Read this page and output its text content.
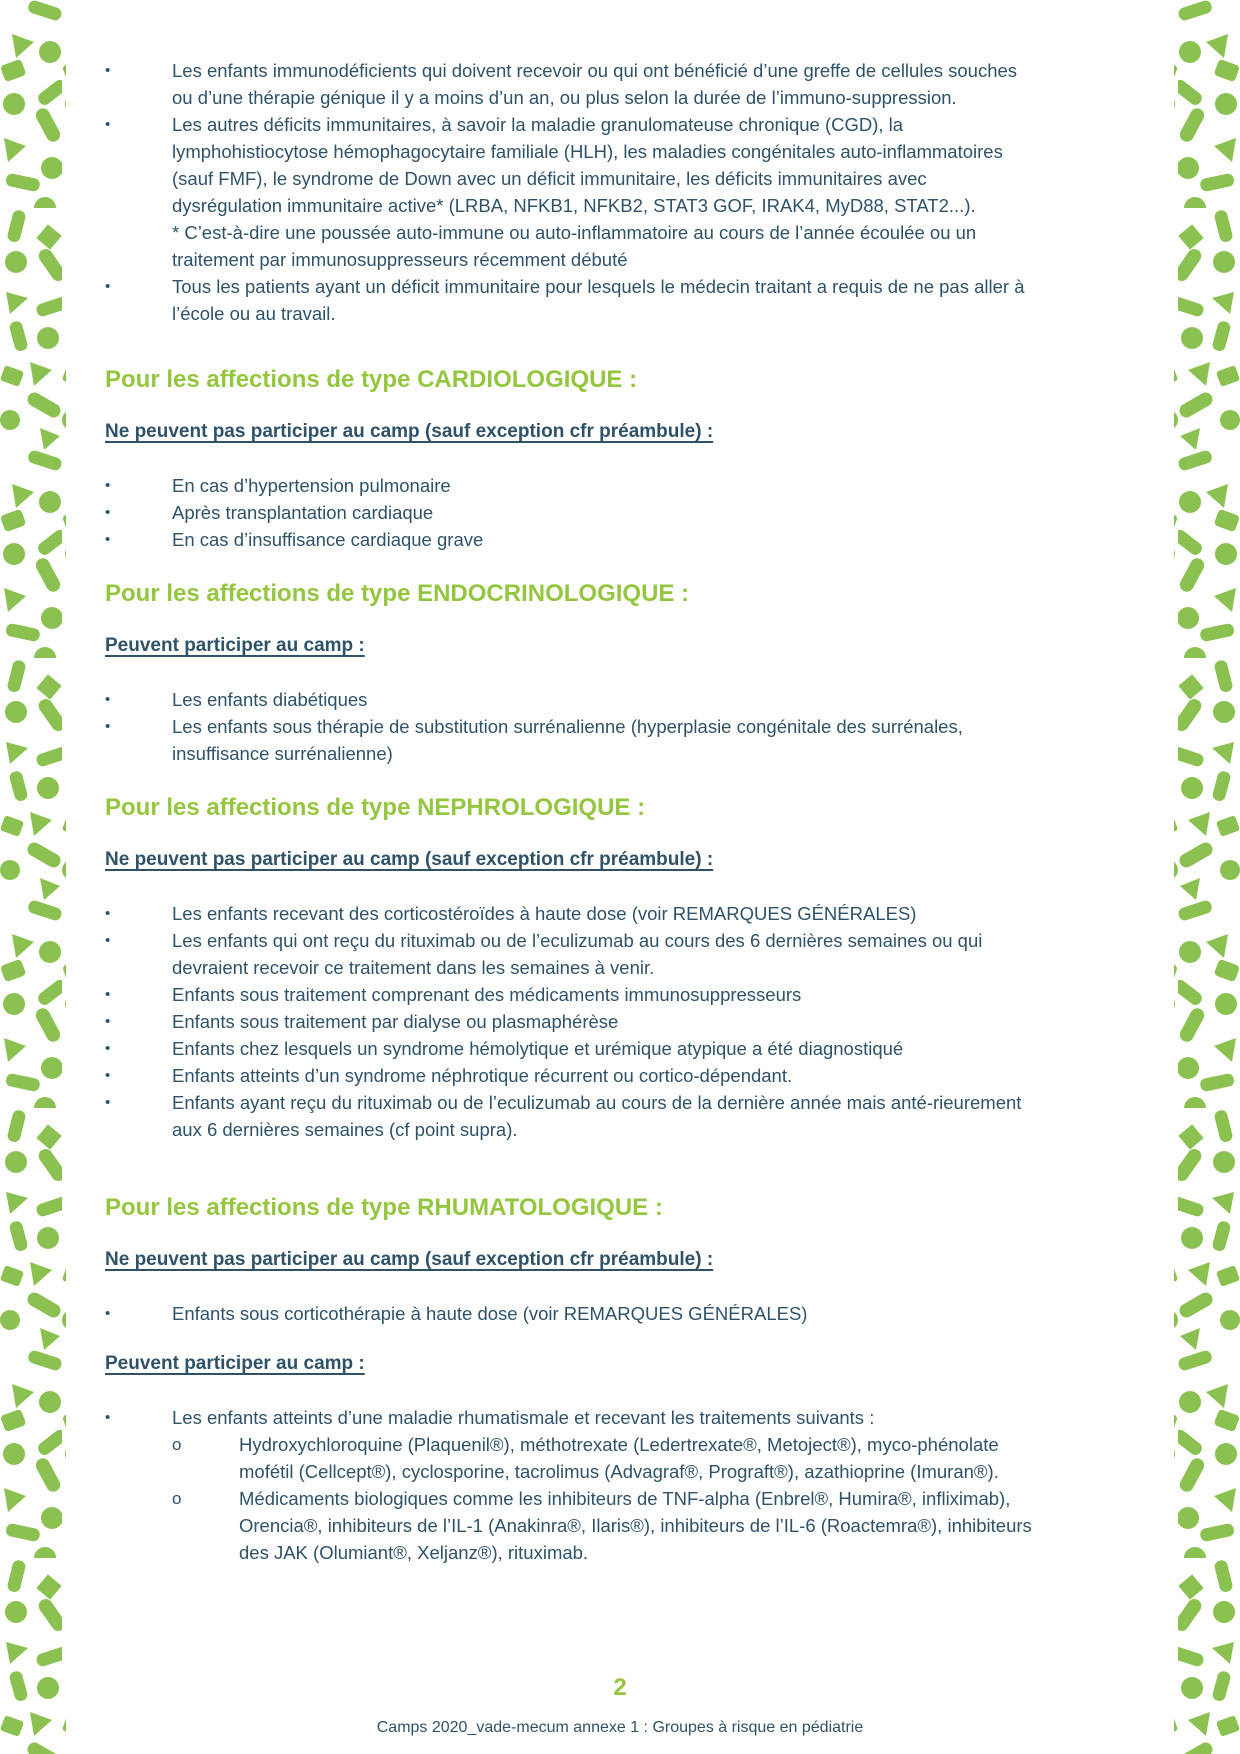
•	Les enfants immunodéficients qui doivent recevoir ou qui ont bénéficié d’une greffe de cellules souches ou d’une thérapie génique il y a moins d’un an, ou plus selon la durée de l’immuno-suppression.

•	Les autres déficits immunitaires, à savoir la maladie granulomateuse chronique (CGD), la lymphohistiocytose hémophagocytaire familiale (HLH), les maladies congénitales auto-inflammatoires (sauf FMF), le syndrome de Down avec un déficit immunitaire, les déficits immunitaires avec dysrégulation immunitaire active* (LRBA, NFKB1, NFKB2, STAT3 GOF, IRAK4, MyD88, STAT2...).

* C’est-à-dire une poussée auto-immune ou auto-inflammatoire au cours de l’année écoulée ou un traitement par immunosuppresseurs récemment débuté

•	Tous les patients ayant un déficit immunitaire pour lesquels le médecin traitant a requis de ne pas aller à l’école ou au travail.

Pour les affections de type CARDIOLOGIQUE :
Ne peuvent pas participer au camp (sauf exception cfr préambule) :
•	En cas d’hypertension pulmonaire

•	Après transplantation cardiaque

•	En cas d’insuffisance cardiaque grave

Pour les affections de type ENDOCRINOLOGIQUE :
Peuvent participer au camp :
•	Les enfants diabétiques

•	Les enfants sous thérapie de substitution surrénalienne (hyperplasie congénitale des surrénales, insuffisance surrénalienne)

Pour les affections de type NEPHROLOGIQUE :
Ne peuvent pas participer au camp (sauf exception cfr préambule) :
•	Les enfants recevant des corticostéroïdes à haute dose (voir REMARQUES GÉNÉRALES)

•	Les enfants qui ont reçu du rituximab ou de l’eculizumab au cours des 6 dernières semaines ou qui devraient recevoir ce traitement dans les semaines à venir.

•	Enfants sous traitement comprenant des médicaments immunosuppresseurs

•	Enfants sous traitement par dialyse ou plasmaphérèse

•	Enfants chez lesquels un syndrome hémolytique et urémique atypique a été diagnostiqué

•	Enfants atteints d’un syndrome néphrotique récurrent ou cortico-dépendant.

•	Enfants ayant reçu du rituximab ou de l’eculizumab au cours de la dernière année mais anté-rieurement aux 6 dernières semaines (cf point supra).

Pour les affections de type RHUMATOLOGIQUE :
Ne peuvent pas participer au camp (sauf exception cfr préambule) :
•	Enfants sous corticothérapie à haute dose (voir REMARQUES GÉNÉRALES)

Peuvent participer au camp :
•	Les enfants atteints d’une maladie rhumatismale et recevant les traitements suivants :

o	Hydroxychloroquine (Plaquenil®), méthotrexate (Ledertrexate®, Metoject®), myco-phénolate mofétil (Cellcept®), cyclosporine, tacrolimus (Advagraf®, Prograft®), azathioprine (Imuran®).

o	Médicaments biologiques comme les inhibiteurs de TNF-alpha (Enbrel®, Humira®, infliximab), Orencia®, inhibiteurs de l’IL-1 (Anakinra®, Ilaris®), inhibiteurs de l’IL-6 (Roactemra®), inhibiteurs des JAK (Olumiant®, Xeljanz®), rituximab.

2
Camps 2020_vade-mecum annexe 1 : Groupes à risque en pédiatrie
